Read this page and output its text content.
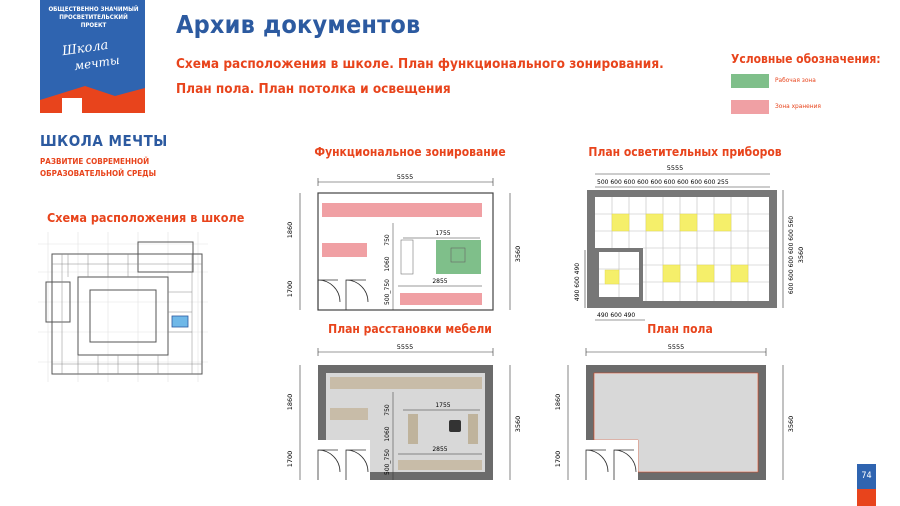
ОБЩЕСТВЕННО ЗНАЧИМЫЙ
ПРОСВЕТИТЕЛЬСКИЙ ПРОЕКТ
Школа
мечты
ШКОЛА МЕЧТЫ
РАЗВИТИЕ СОВРЕМЕННОЙ
ОБРАЗОВАТЕЛЬНОЙ СРЕДЫ
Архив документов
Схема расположения в школе. План функционального зонирования.
План пола. План потолка и освещения
Условные обозначения:
Рабочая зона
Зона хранения
Схема расположения в школе
Функциональное зонирование	План осветительных приборов
План расстановки мебели	План пола
5555
3560
1860
1700
750
1060
500_750
1755
2855
5555
500 600 600 600 600 600 600 600 600 255
600 600 600 600 600 560 3560
490 600 490
490 600 490
5555
3560
1860
1700
750
1060
500_750
1755
2855
5555
3560
1860
1700
74
